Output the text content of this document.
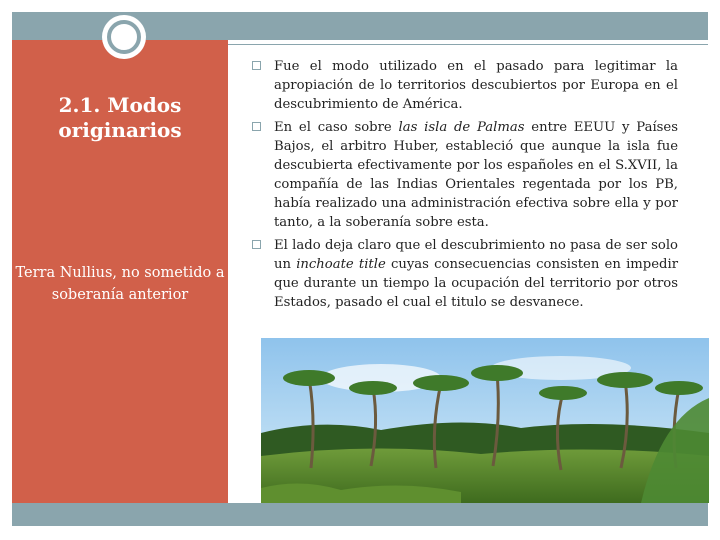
2.1. Modos originarios
Terra Nullius, no sometido a soberanía anterior
Fue el modo utilizado en el pasado para legitimar la apropiación de lo territorios descubiertos por Europa en el descubrimiento de América.
En el caso sobre las isla de Palmas entre EEUU y Países Bajos, el arbitro Huber, estableció que aunque la isla fue descubierta efectivamente por los españoles en el S.XVII, la compañía de las Indias Orientales regentada por los PB, había realizado una administración efectiva sobre ella y por tanto, a la soberanía sobre esta.
El lado deja claro que el descubrimiento no pasa de ser solo un inchoate title cuyas consecuencias consisten en impedir que durante un tiempo la ocupación del territorio por otros Estados, pasado el cual el titulo se desvanece.
